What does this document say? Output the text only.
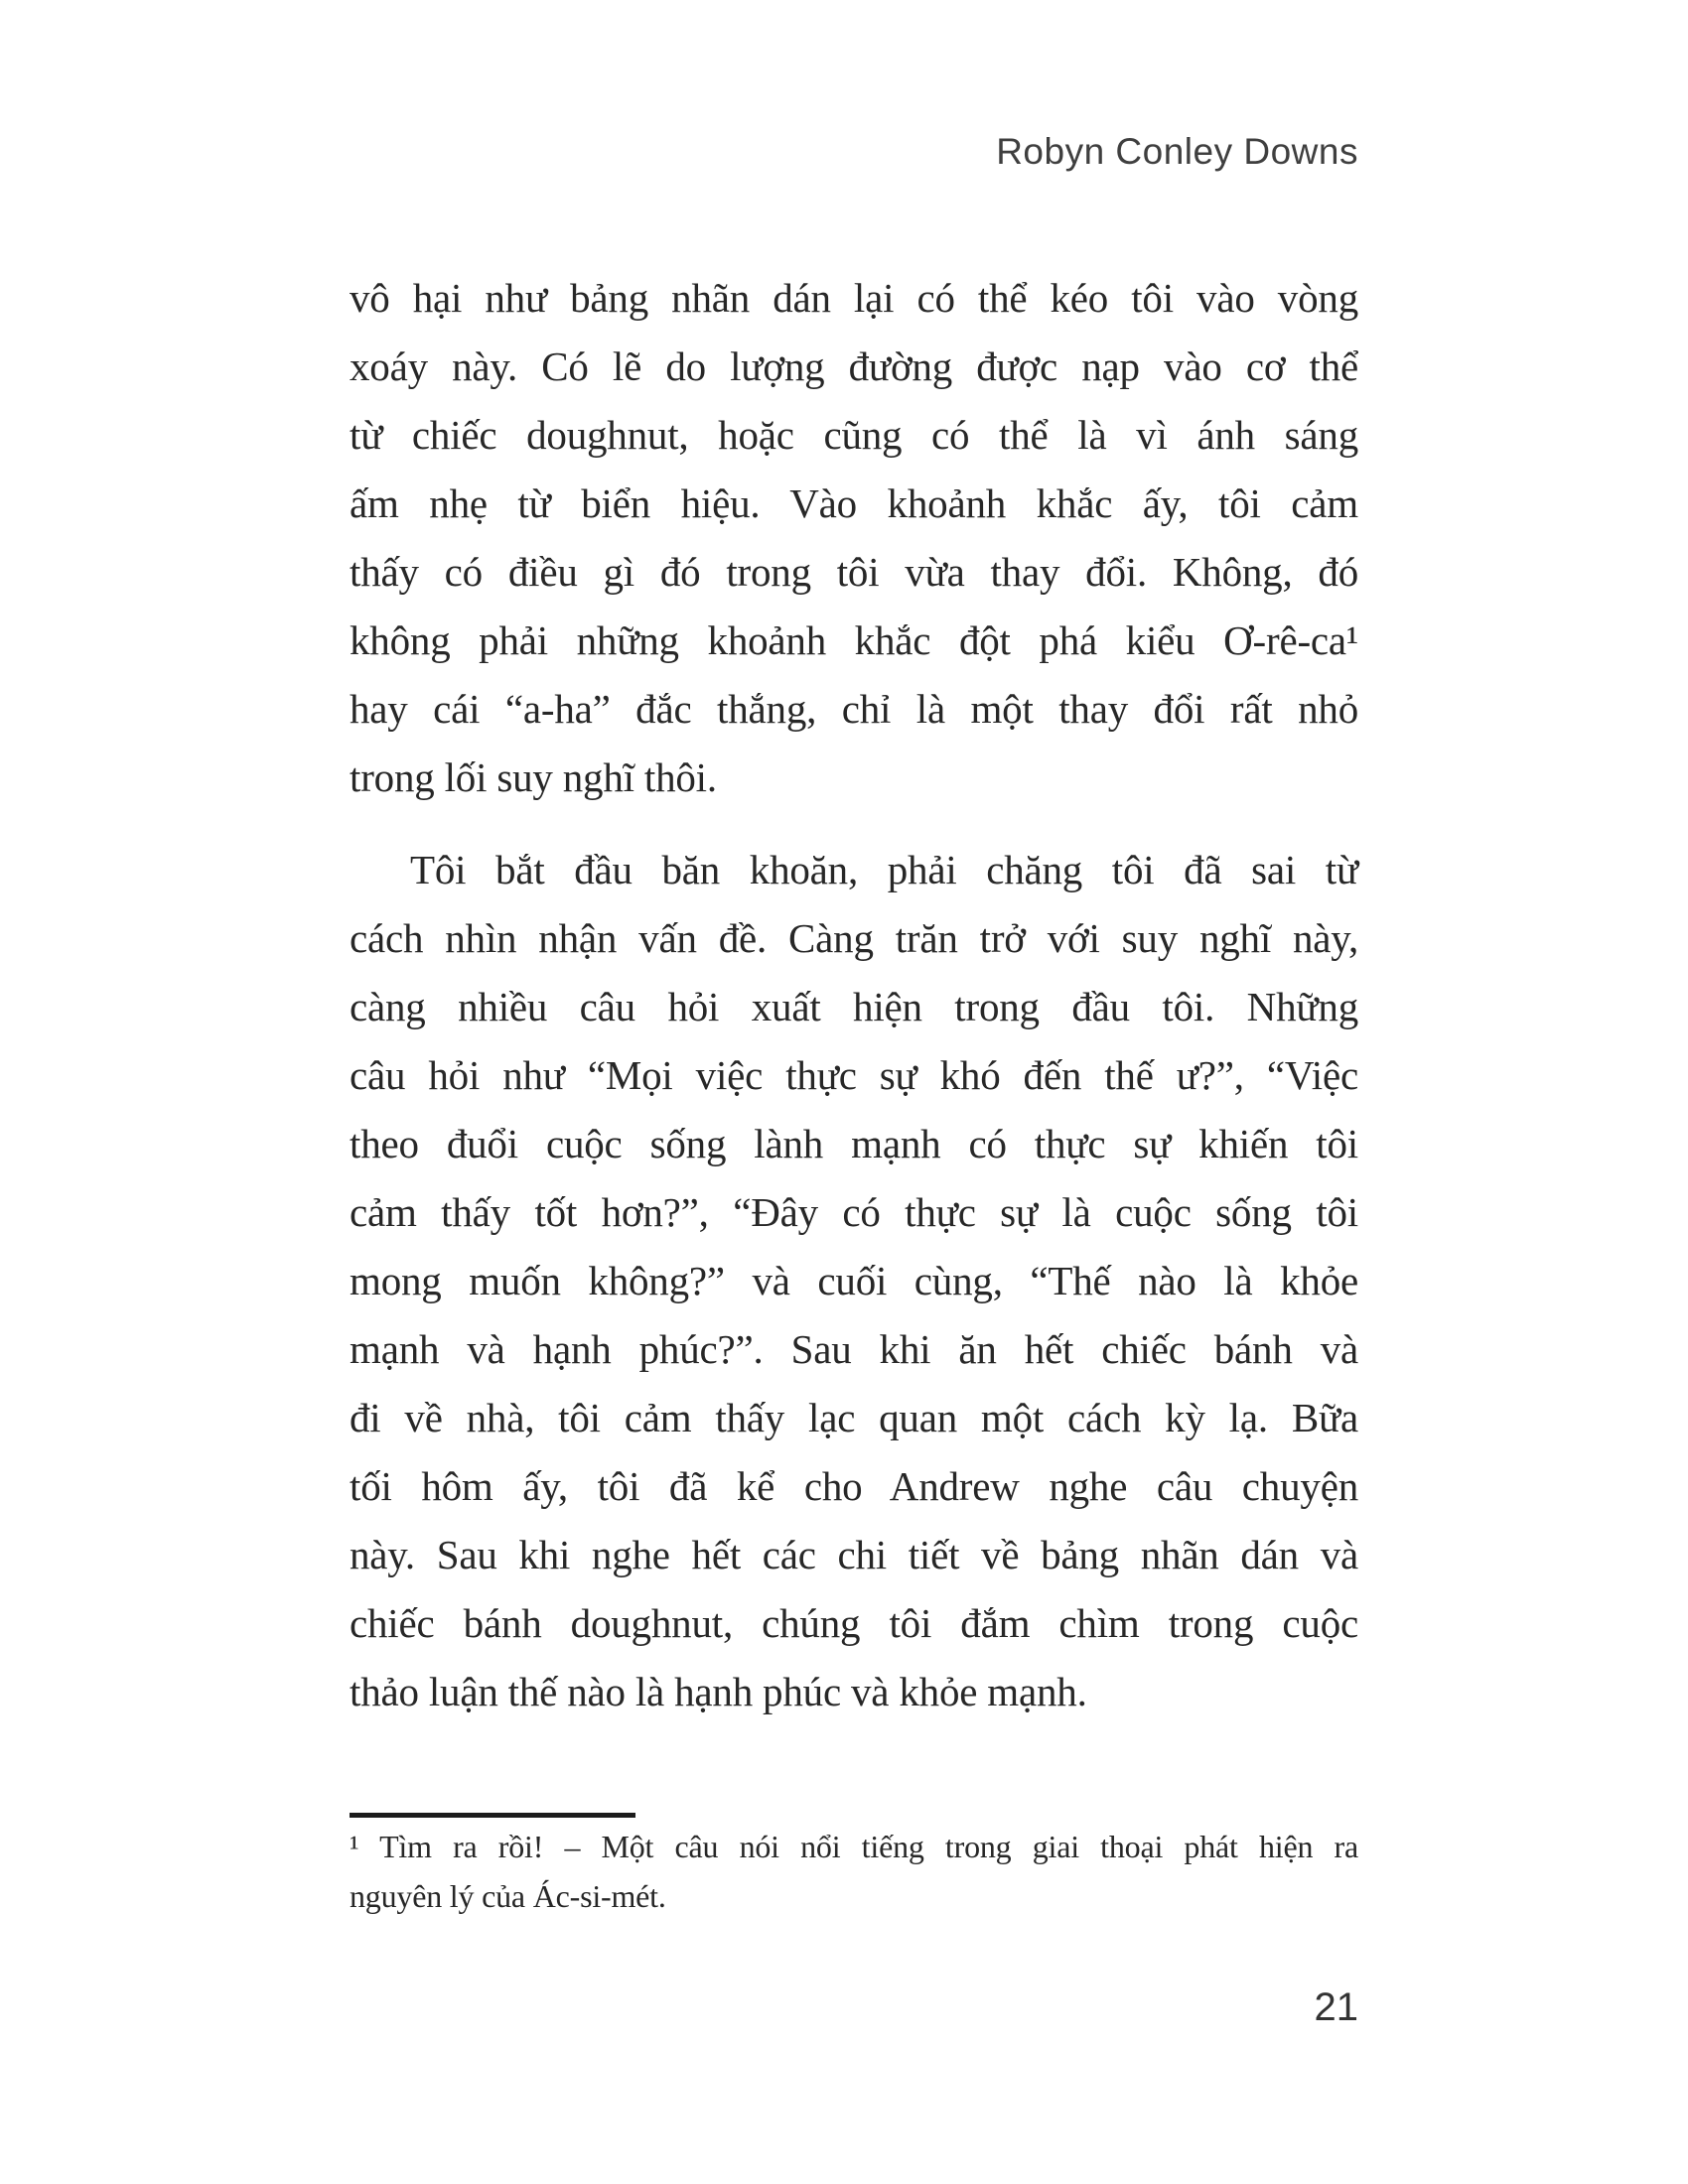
Robyn Conley Downs
vô hại như bảng nhãn dán lại có thể kéo tôi vào vòng
xoáy này. Có lẽ do lượng đường được nạp vào cơ thể
từ chiếc doughnut, hoặc cũng có thể là vì ánh sáng
ấm nhẹ từ biển hiệu. Vào khoảnh khắc ấy, tôi cảm
thấy có điều gì đó trong tôi vừa thay đổi. Không, đó
không phải những khoảnh khắc đột phá kiểu Ơ-rê-ca¹
hay cái “a-ha” đắc thắng, chỉ là một thay đổi rất nhỏ
trong lối suy nghĩ thôi.
Tôi bắt đầu băn khoăn, phải chăng tôi đã sai từ
cách nhìn nhận vấn đề. Càng trăn trở với suy nghĩ này,
càng nhiều câu hỏi xuất hiện trong đầu tôi. Những
câu hỏi như “Mọi việc thực sự khó đến thế ư?”, “Việc
theo đuổi cuộc sống lành mạnh có thực sự khiến tôi
cảm thấy tốt hơn?”, “Đây có thực sự là cuộc sống tôi
mong muốn không?” và cuối cùng, “Thế nào là khỏe
mạnh và hạnh phúc?”. Sau khi ăn hết chiếc bánh và
đi về nhà, tôi cảm thấy lạc quan một cách kỳ lạ. Bữa
tối hôm ấy, tôi đã kể cho Andrew nghe câu chuyện
này. Sau khi nghe hết các chi tiết về bảng nhãn dán và
chiếc bánh doughnut, chúng tôi đắm chìm trong cuộc
thảo luận thế nào là hạnh phúc và khỏe mạnh.
¹ Tìm ra rồi! – Một câu nói nổi tiếng trong giai thoại phát hiện ra
nguyên lý của Ác-si-mét.
21
